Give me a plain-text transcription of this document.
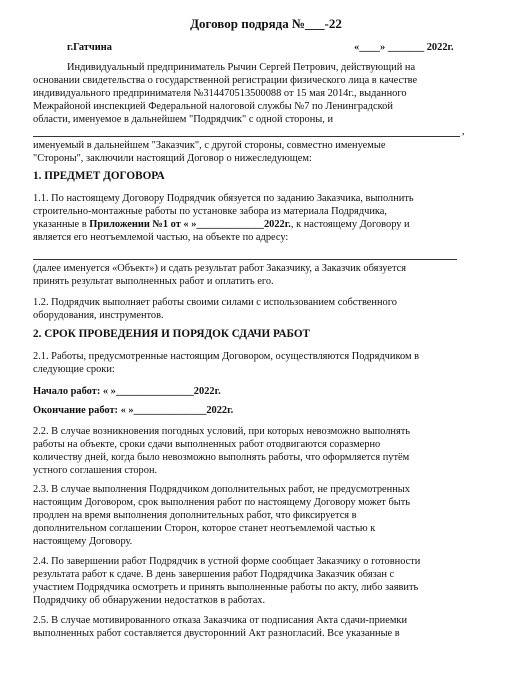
Договор подряда №___-22
г.Гатчина	«____» _______ 2022г.
Индивидуальный предприниматель Рычин Сергей Петрович, действующий на
основании свидетельства о государственной регистрации физического лица в качестве
индивидуального предпринимателя №314470513500088 от 15 мая 2014г., выданного
Межрайоной инспекцией Федеральной налоговой службы №7 по Ленинградской
области, именуемое в дальнейшем "Подрядчик" с одной стороны, и
,
именуемый в дальнейшем "Заказчик", с другой стороны, совместно именуемые
"Стороны", заключили настоящий Договор о нижеследующем:
1. ПРЕДМЕТ ДОГОВОРА
1.1. По настоящему Договору Подрядчик обязуется по заданию Заказчика, выполнить
строительно-монтажные работы по установке забора из материала Подрядчика,
указанные в Приложении №1 от « »_____________2022г., к настоящему Договору и
является его неотъемлемой частью, на объекте по адресу:
(далее именуется «Объект») и сдать результат работ Заказчику, а Заказчик обязуется
принять результат выполненных работ и оплатить его.
1.2. Подрядчик выполняет работы своими силами с использованием собственного
оборудования, инструментов.
2. СРОК ПРОВЕДЕНИЯ И ПОРЯДОК СДАЧИ РАБОТ
2.1. Работы, предусмотренные настоящим Договором, осуществляются Подрядчиком в
следующие сроки:
Начало работ: « »_______________2022г.
Окончание работ: « »______________2022г.
2.2. В случае возникновения погодных условий, при которых невозможно выполнять
работы на объекте, сроки сдачи выполненных работ отодвигаются соразмерно
количеству дней, когда было невозможно выполнять работы, что оформляется путём
устного соглашения сторон.
2.3. В случае выполнения Подрядчиком дополнительных работ, не предусмотренных
настоящим Договором, срок выполнения работ по настоящему Договору может быть
продлен на время выполнения дополнительных работ, что фиксируется в
дополнительном соглашении Сторон, которое станет неотъемлемой частью к
настоящему Договору.
2.4. По завершении работ Подрядчик в устной форме сообщает Заказчику о готовности
результата работ к сдаче. В день завершения работ Подрядчика Заказчик обязан с
участием Подрядчика осмотреть и принять выполненные работы по акту, либо заявить
Подрядчику об обнаружении недостатков в работах.
2.5. В случае мотивированного отказа Заказчика от подписания Акта сдачи-приемки
выполненных работ составляется двусторонний Акт разногласий. Все указанные в
